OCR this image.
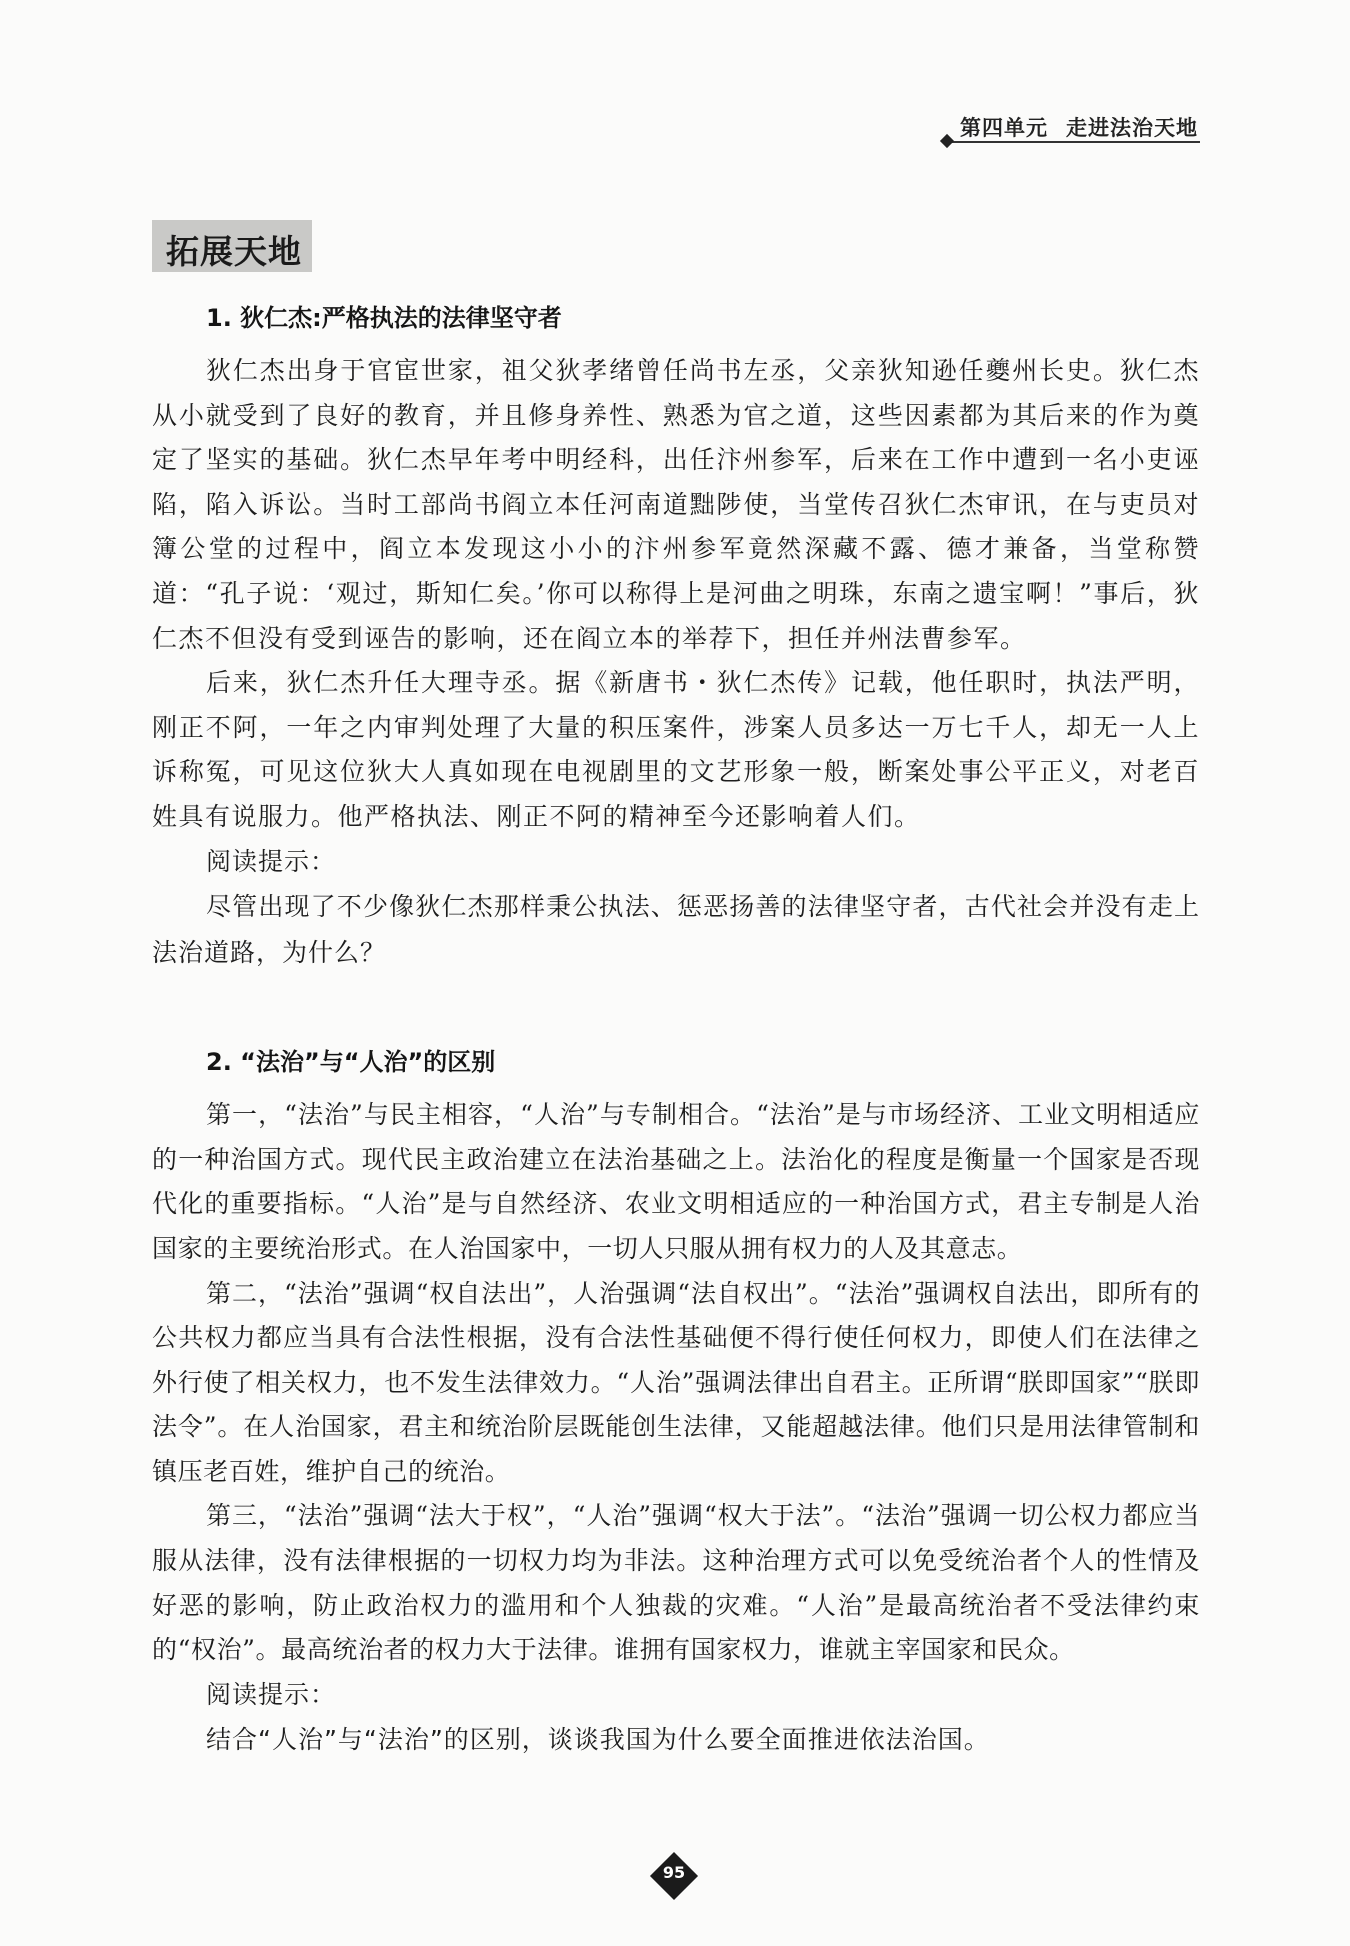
第四单元 走进法治天地
拓展天地
1. 狄仁杰:严格执法的法律坚守者

狄仁杰出身于官宦世家，祖父狄孝绪曾任尚书左丞，父亲狄知逊任夔州长史。狄仁杰从小就受到了良好的教育，并且修身养性、熟悉为官之道，这些因素都为其后来的作为奠定了坚实的基础。狄仁杰早年考中明经科，出任汴州参军，后来在工作中遭到一名小吏诬陷，陷入诉讼。当时工部尚书阎立本任河南道黜陟使，当堂传召狄仁杰审讯，在与吏员对簿公堂的过程中，阎立本发现这小小的汴州参军竟然深藏不露、德才兼备，当堂称赞道：“孔子说：‘观过，斯知仁矣。’你可以称得上是河曲之明珠，东南之遗宝啊！”事后，狄仁杰不但没有受到诬告的影响，还在阎立本的举荐下，担任并州法曹参军。

后来，狄仁杰升任大理寺丞。据《新唐书・狄仁杰传》记载，他任职时，执法严明，刚正不阿，一年之内审判处理了大量的积压案件，涉案人员多达一万七千人，却无一人上诉称冤，可见这位狄大人真如现在电视剧里的文艺形象一般，断案处事公平正义，对老百姓具有说服力。他严格执法、刚正不阿的精神至今还影响着人们。

阅读提示：

尽管出现了不少像狄仁杰那样秉公执法、惩恶扬善的法律坚守者，古代社会并没有走上法治道路，为什么？

2. “法治”与“人治”的区别

第一，“法治”与民主相容，“人治”与专制相合。“法治”是与市场经济、工业文明相适应的一种治国方式。现代民主政治建立在法治基础之上。法治化的程度是衡量一个国家是否现代化的重要指标。“人治”是与自然经济、农业文明相适应的一种治国方式，君主专制是人治国家的主要统治形式。在人治国家中，一切人只服从拥有权力的人及其意志。

第二，“法治”强调“权自法出”，人治强调“法自权出”。“法治”强调权自法出，即所有的公共权力都应当具有合法性根据，没有合法性基础便不得行使任何权力，即使人们在法律之外行使了相关权力，也不发生法律效力。“人治”强调法律出自君主。正所谓“朕即国家”“朕即法令”。在人治国家，君主和统治阶层既能创生法律，又能超越法律。他们只是用法律管制和镇压老百姓，维护自己的统治。

第三，“法治”强调“法大于权”，“人治”强调“权大于法”。“法治”强调一切公权力都应当服从法律，没有法律根据的一切权力均为非法。这种治理方式可以免受统治者个人的性情及好恶的影响，防止政治权力的滥用和个人独裁的灾难。“人治”是最高统治者不受法律约束的“权治”。最高统治者的权力大于法律。谁拥有国家权力，谁就主宰国家和民众。

阅读提示：

结合“人治”与“法治”的区别，谈谈我国为什么要全面推进依法治国。

95
